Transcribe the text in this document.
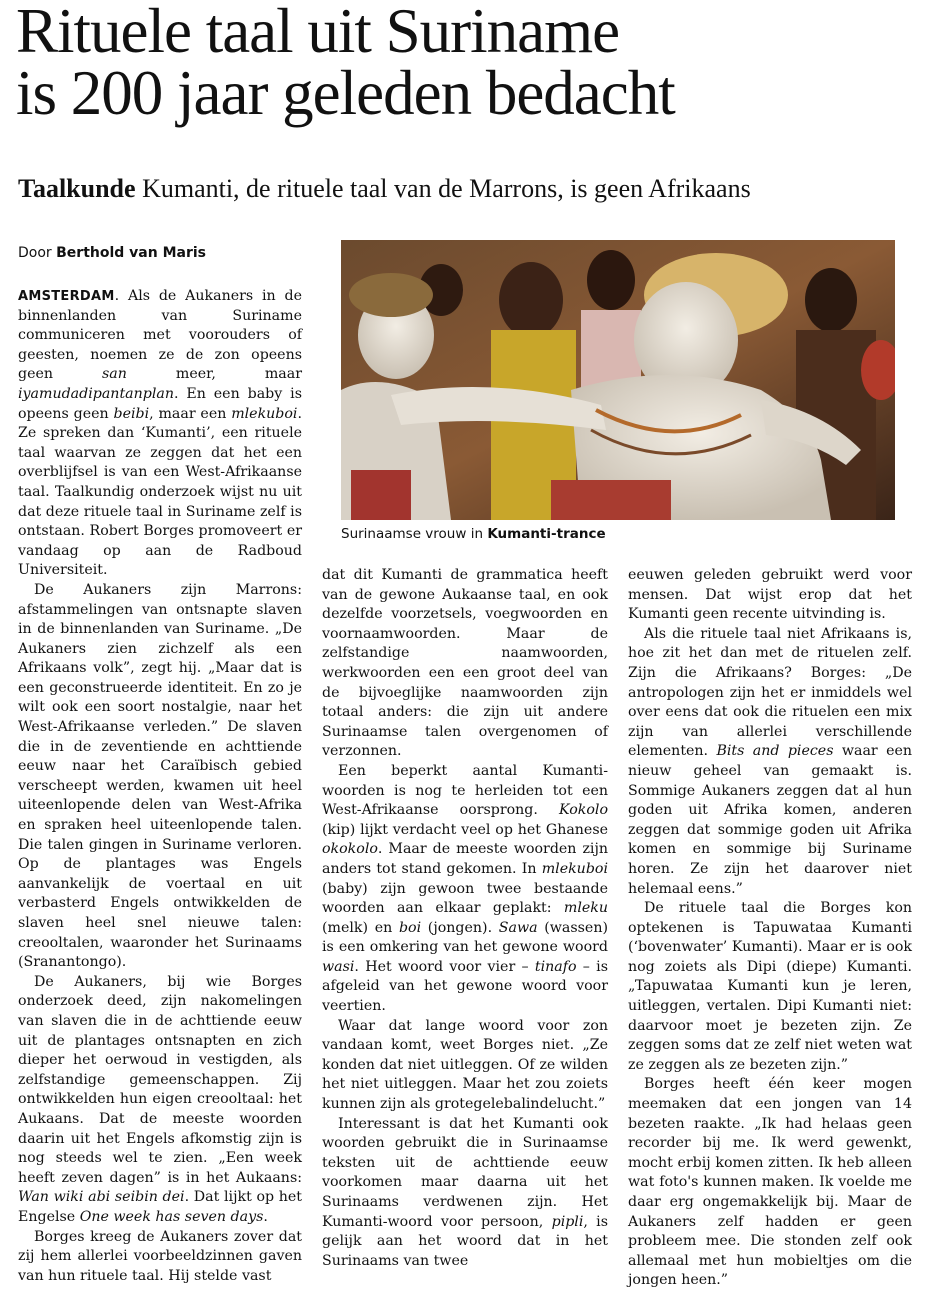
Rituele taal uit Suriname
is 200 jaar geleden bedacht
Taalkunde Kumanti, de rituele taal van de Marrons, is geen Afrikaans
Door Berthold van Maris
Surinaamse vrouw in Kumanti-trance

AMSTERDAM. Als de Aukaners in de binnenlanden van Suriname communiceren met voorouders of geesten, noemen ze de zon opeens geen san meer, maar iyamudadipantanplan. En een baby is opeens geen beibi, maar een mlekuboi. Ze spreken dan ‘Kumanti’, een rituele taal waarvan ze zeggen dat het een overblijfsel is van een West-Afrikaanse taal. Taalkundig onderzoek wijst nu uit dat deze rituele taal in Suriname zelf is ontstaan. Robert Borges promoveert er vandaag op aan de Radboud Universiteit.

De Aukaners zijn Marrons: afstammelingen van ontsnapte slaven in de binnenlanden van Suriname. „De Aukaners zien zichzelf als een Afrikaans volk”, zegt hij. „Maar dat is een geconstrueerde identiteit. En zo je wilt ook een soort nostalgie, naar het West-Afrikaanse verleden.” De slaven die in de zeventiende en achttiende eeuw naar het Caraïbisch gebied verscheept werden, kwamen uit heel uiteenlopende delen van West-Afrika en spraken heel uiteenlopende talen. Die talen gingen in Suriname verloren. Op de plantages was Engels aanvankelijk de voertaal en uit verbasterd Engels ontwikkelden de slaven heel snel nieuwe talen: creooltalen, waaronder het Surinaams (Sranantongo).

De Aukaners, bij wie Borges onderzoek deed, zijn nakomelingen van slaven die in de achttiende eeuw uit de plantages ontsnapten en zich dieper het oerwoud in vestigden, als zelfstandige gemeenschappen. Zij ontwikkelden hun eigen creooltaal: het Aukaans. Dat de meeste woorden daarin uit het Engels afkomstig zijn is nog steeds wel te zien. „Een week heeft zeven dagen” is in het Aukaans: Wan wiki abi seibin dei. Dat lijkt op het Engelse One week has seven days.

Borges kreeg de Aukaners zover dat zij hem allerlei voorbeeldzinnen gaven van hun rituele taal. Hij stelde vast

dat dit Kumanti de grammatica heeft van de gewone Aukaanse taal, en ook dezelfde voorzetsels, voegwoorden en voornaamwoorden. Maar de zelfstandige naamwoorden, werkwoorden een een groot deel van de bijvoeglijke naamwoorden zijn totaal anders: die zijn uit andere Surinaamse talen overgenomen of verzonnen.

Een beperkt aantal Kumanti-woorden is nog te herleiden tot een West-Afrikaanse oorsprong. Kokolo (kip) lijkt verdacht veel op het Ghanese okokolo. Maar de meeste woorden zijn anders tot stand gekomen. In mlekuboi (baby) zijn gewoon twee bestaande woorden aan elkaar geplakt: mleku (melk) en boi (jongen). Sawa (wassen) is een omkering van het gewone woord wasi. Het woord voor vier – tinafo – is afgeleid van het gewone woord voor veertien.

Waar dat lange woord voor zon vandaan komt, weet Borges niet. „Ze konden dat niet uitleggen. Of ze wilden het niet uitleggen. Maar het zou zoiets kunnen zijn als grotegelebalindelucht.”

Interessant is dat het Kumanti ook woorden gebruikt die in Surinaamse teksten uit de achttiende eeuw voorkomen maar daarna uit het Surinaams verdwenen zijn. Het Kumanti-woord voor persoon, pipli, is gelijk aan het woord dat in het Surinaams van twee

eeuwen geleden gebruikt werd voor mensen. Dat wijst erop dat het Kumanti geen recente uitvinding is.

Als die rituele taal niet Afrikaans is, hoe zit het dan met de rituelen zelf. Zijn die Afrikaans? Borges: „De antropologen zijn het er inmiddels wel over eens dat ook die rituelen een mix zijn van allerlei verschillende elementen. Bits and pieces waar een nieuw geheel van gemaakt is. Sommige Aukaners zeggen dat al hun goden uit Afrika komen, anderen zeggen dat sommige goden uit Afrika komen en sommige bij Suriname horen. Ze zijn het daarover niet helemaal eens.”

De rituele taal die Borges kon optekenen is Tapuwataa Kumanti (‘bovenwater’ Kumanti). Maar er is ook nog zoiets als Dipi (diepe) Kumanti. „Tapuwataa Kumanti kun je leren, uitleggen, vertalen. Dipi Kumanti niet: daarvoor moet je bezeten zijn. Ze zeggen soms dat ze zelf niet weten wat ze zeggen als ze bezeten zijn.”

Borges heeft één keer mogen meemaken dat een jongen van 14 bezeten raakte. „Ik had helaas geen recorder bij me. Ik werd gewenkt, mocht erbij komen zitten. Ik heb alleen wat foto's kunnen maken. Ik voelde me daar erg ongemakkelijk bij. Maar de Aukaners zelf hadden er geen probleem mee. Die stonden zelf ook allemaal met hun mobieltjes om die jongen heen.”
